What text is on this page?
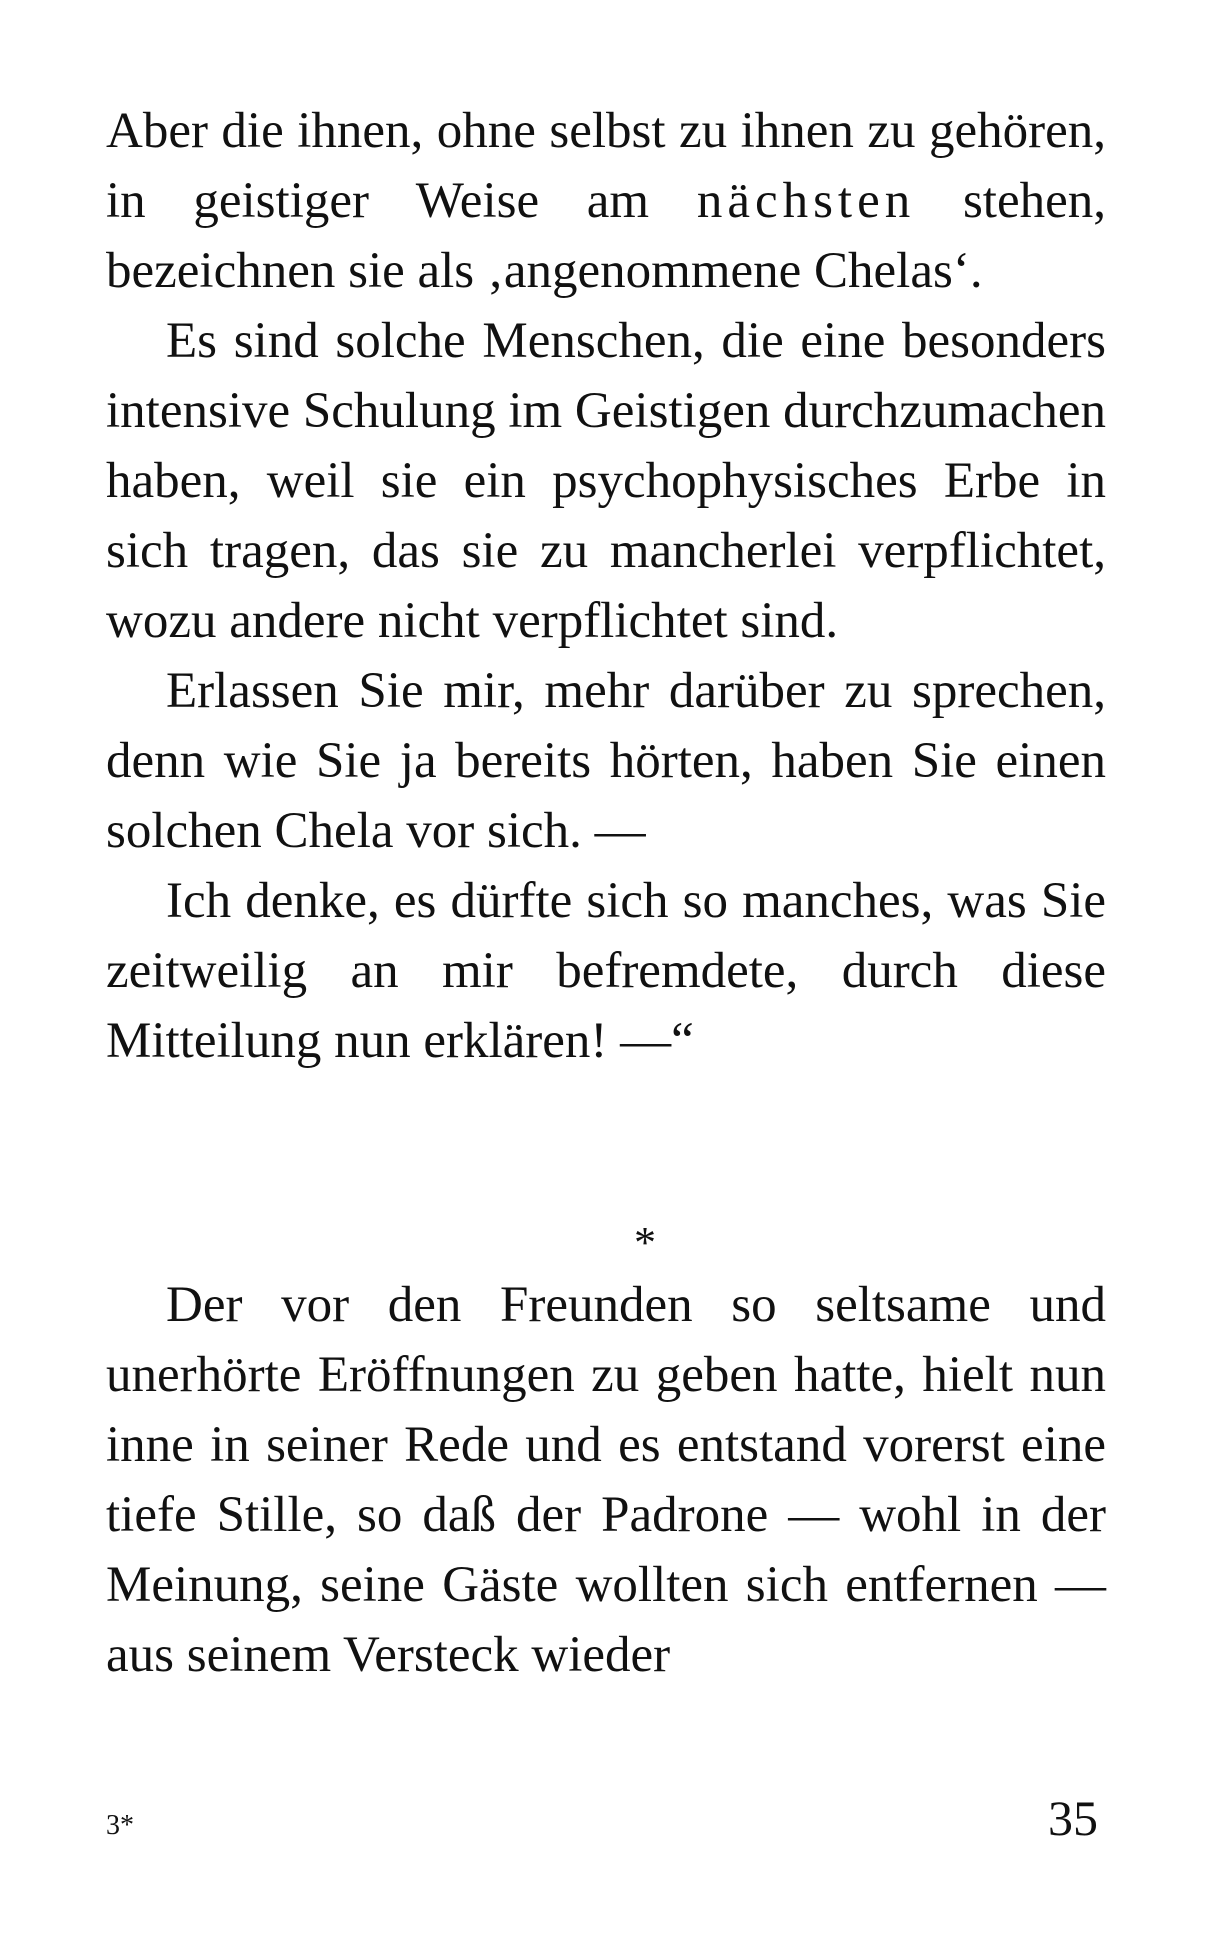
Aber die ihnen, ohne selbst zu ihnen zu gehören, in geistiger Weise am nächsten stehen, bezeichnen sie als ‚angenommene Chelas‘.

Es sind solche Menschen, die eine besonders intensive Schulung im Geistigen durchzumachen haben, weil sie ein psychophysisches Erbe in sich tragen, das sie zu mancherlei verpflichtet, wozu andere nicht verpflichtet sind.

Erlassen Sie mir, mehr darüber zu sprechen, denn wie Sie ja bereits hörten, haben Sie einen solchen Chela vor sich. —

Ich denke, es dürfte sich so manches, was Sie zeitweilig an mir befremdete, durch diese Mitteilung nun erklären! —“

*

Der vor den Freunden so seltsame und unerhörte Eröffnungen zu geben hatte, hielt nun inne in seiner Rede und es entstand vorerst eine tiefe Stille, so daß der Padrone — wohl in der Meinung, seine Gäste wollten sich entfernen — aus seinem Versteck wieder

3*	35
